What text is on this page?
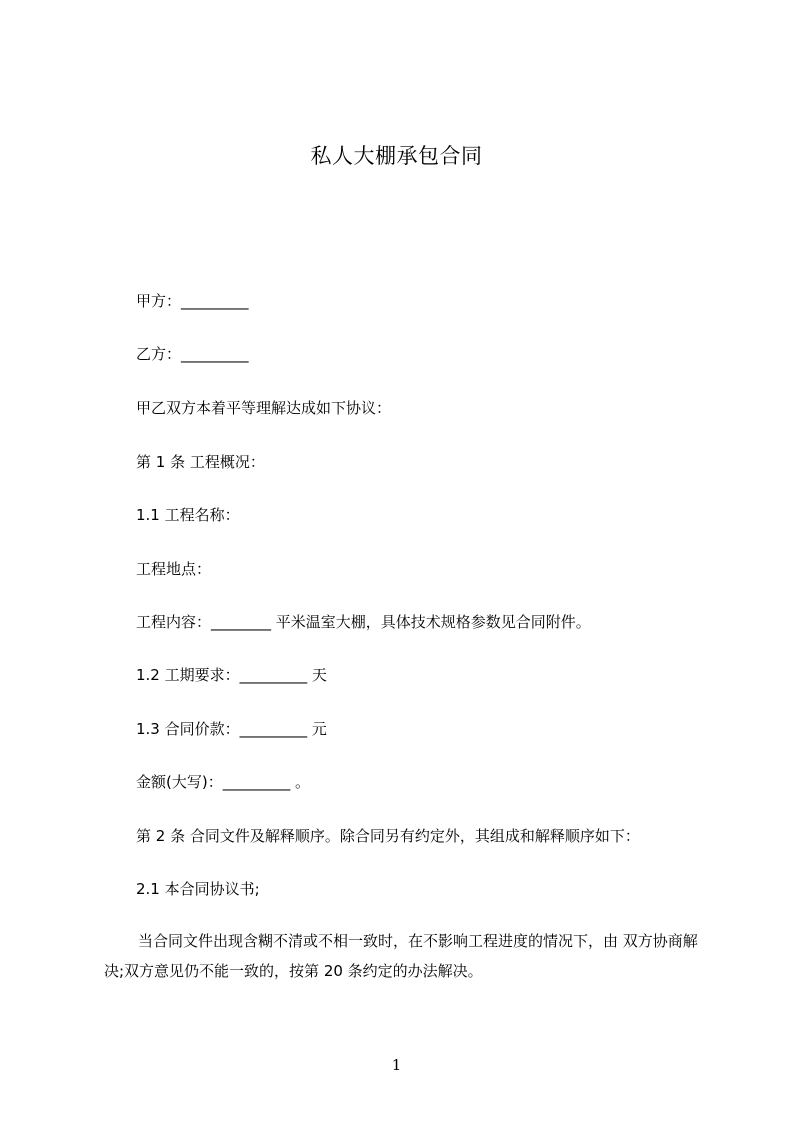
私人大棚承包合同
甲方：_________
乙方：_________
甲乙双方本着平等理解达成如下协议：
第 1 条 工程概况：
1.1 工程名称：
工程地点：
工程内容：________ 平米温室大棚，具体技术规格参数见合同附件。
1.2 工期要求：_________ 天
1.3 合同价款：_________ 元
金额(大写)：_________ 。
第 2 条 合同文件及解释顺序。除合同另有约定外，其组成和解释顺序如下：
2.1 本合同协议书;
当合同文件出现含糊不清或不相一致时，在不影响工程进度的情况下，由 双方协商解决;双方意见仍不能一致的，按第 20 条约定的办法解决。
1
